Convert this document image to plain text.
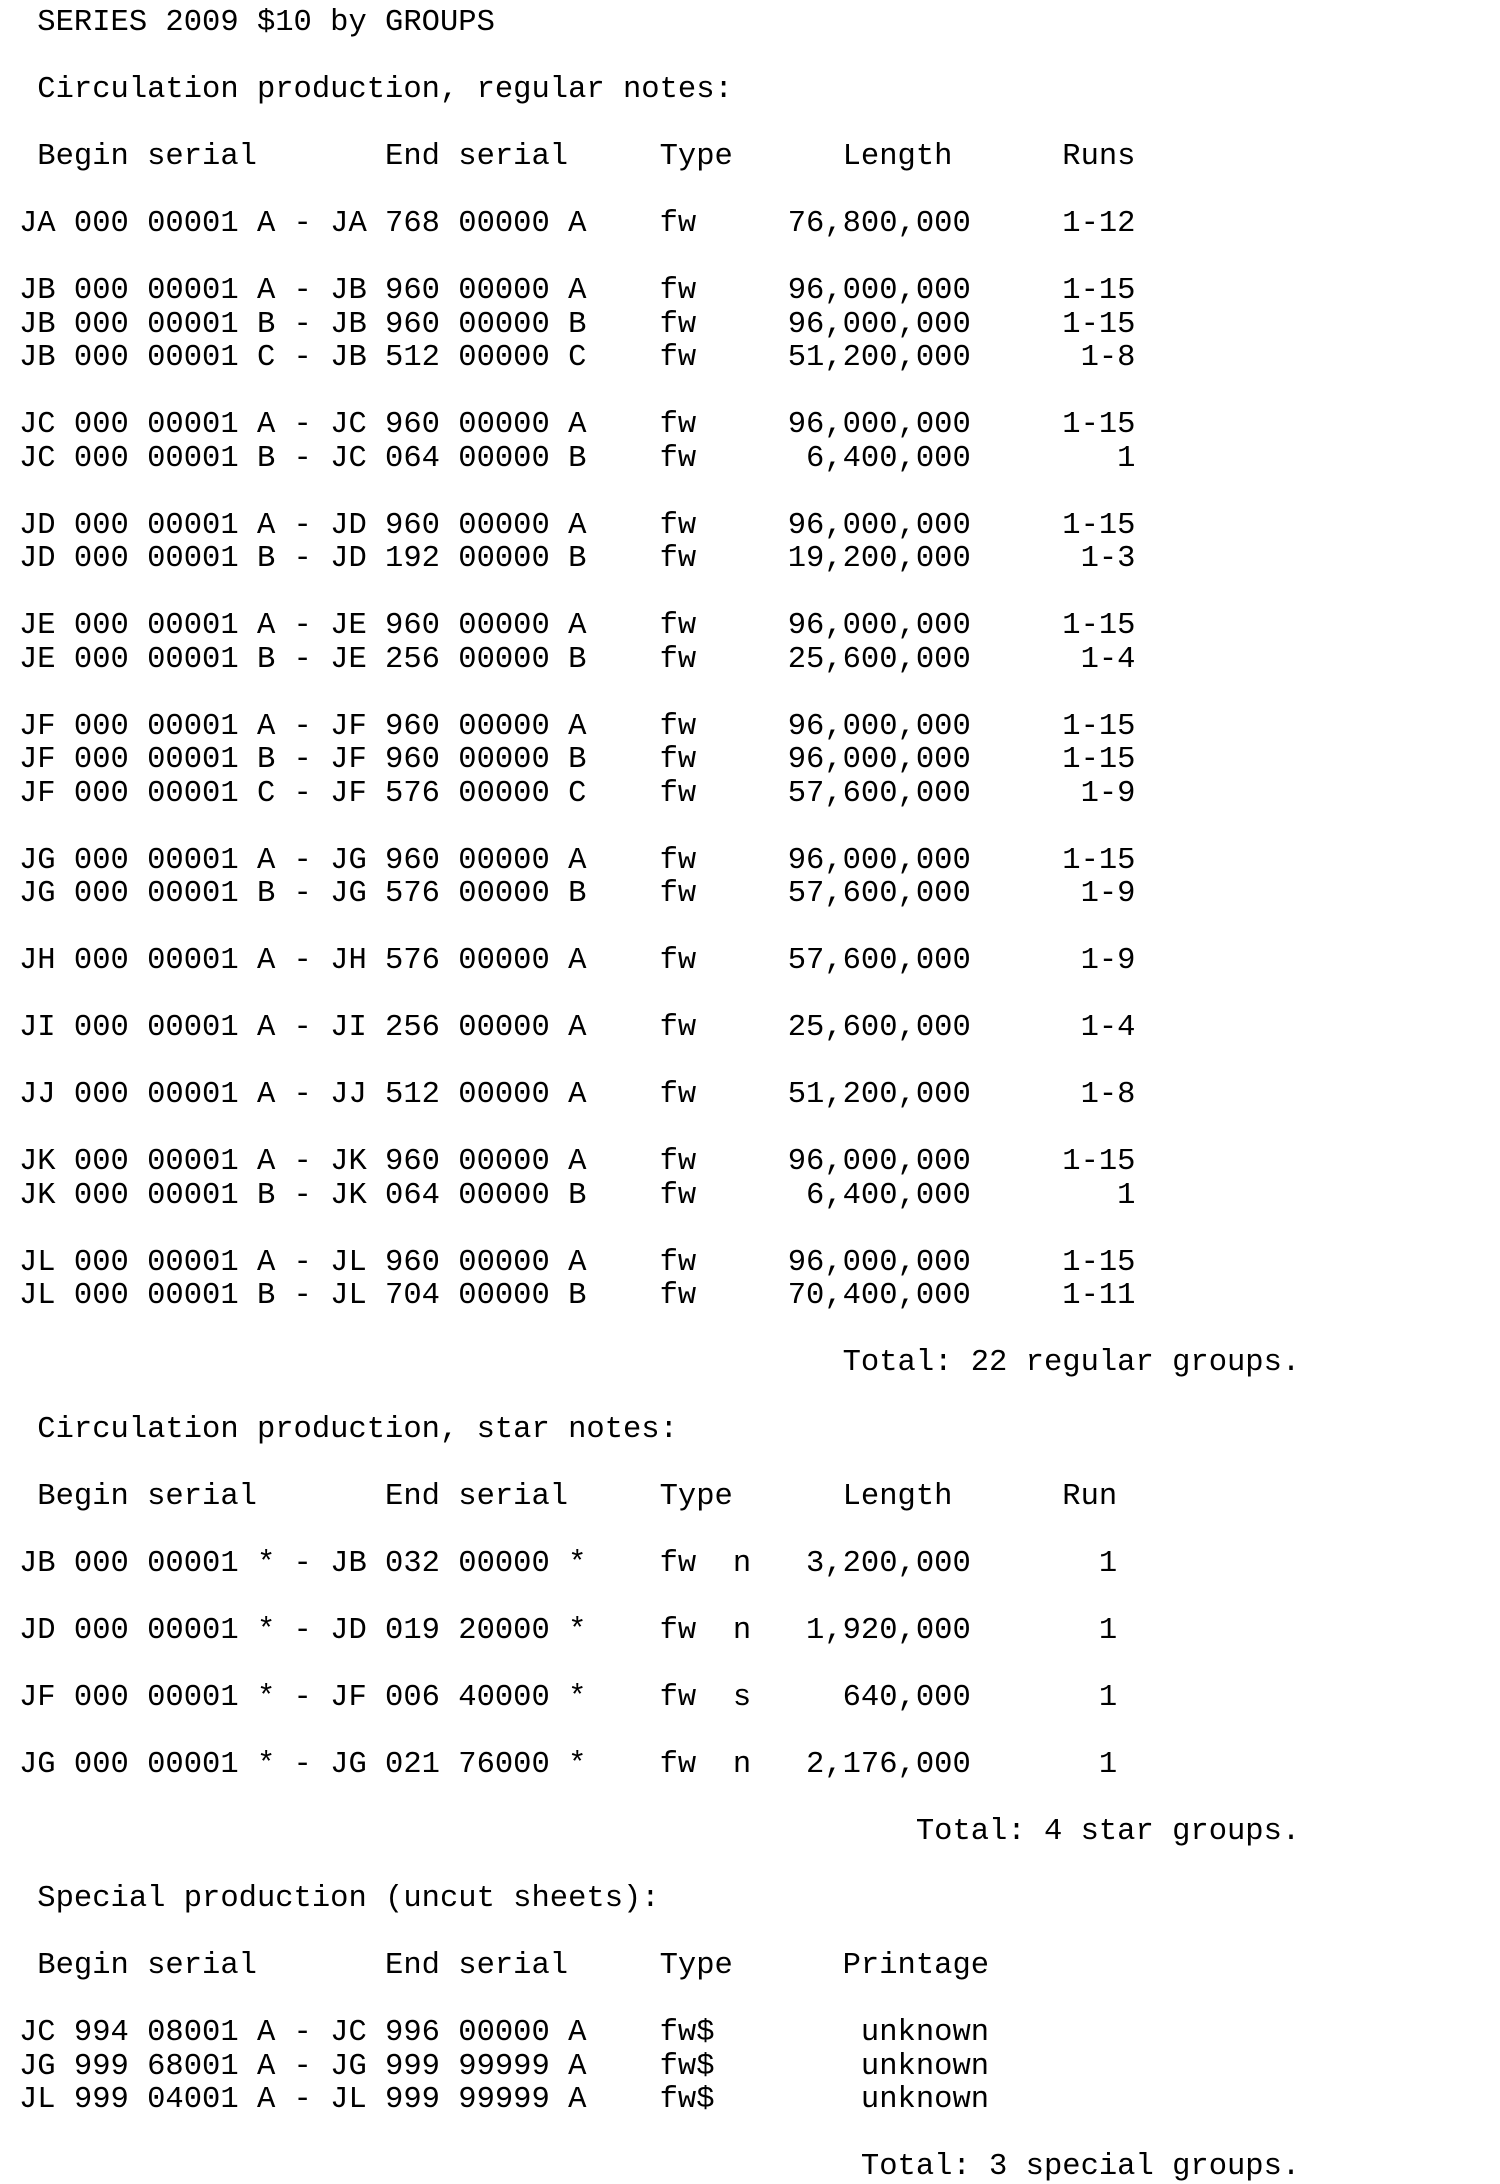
SERIES 2009 $10 by GROUPS
Circulation production, regular notes:
Begin serial       End serial     Type      Length      Runs
JA 000 00001 A - JA 768 00000 A    fw     76,800,000     1-12
JB 000 00001 A - JB 960 00000 A    fw     96,000,000     1-15
JB 000 00001 B - JB 960 00000 B    fw     96,000,000     1-15
JB 000 00001 C - JB 512 00000 C    fw     51,200,000      1-8
JC 000 00001 A - JC 960 00000 A    fw     96,000,000     1-15
JC 000 00001 B - JC 064 00000 B    fw      6,400,000        1
JD 000 00001 A - JD 960 00000 A    fw     96,000,000     1-15
JD 000 00001 B - JD 192 00000 B    fw     19,200,000      1-3
JE 000 00001 A - JE 960 00000 A    fw     96,000,000     1-15
JE 000 00001 B - JE 256 00000 B    fw     25,600,000      1-4
JF 000 00001 A - JF 960 00000 A    fw     96,000,000     1-15
JF 000 00001 B - JF 960 00000 B    fw     96,000,000     1-15
JF 000 00001 C - JF 576 00000 C    fw     57,600,000      1-9
JG 000 00001 A - JG 960 00000 A    fw     96,000,000     1-15
JG 000 00001 B - JG 576 00000 B    fw     57,600,000      1-9
JH 000 00001 A - JH 576 00000 A    fw     57,600,000      1-9
JI 000 00001 A - JI 256 00000 A    fw     25,600,000      1-4
JJ 000 00001 A - JJ 512 00000 A    fw     51,200,000      1-8
JK 000 00001 A - JK 960 00000 A    fw     96,000,000     1-15
JK 000 00001 B - JK 064 00000 B    fw      6,400,000        1
JL 000 00001 A - JL 960 00000 A    fw     96,000,000     1-15
JL 000 00001 B - JL 704 00000 B    fw     70,400,000     1-11
Total: 22 regular groups.
Circulation production, star notes:
Begin serial       End serial     Type      Length      Run
JB 000 00001 * - JB 032 00000 *    fw  n   3,200,000       1
JD 000 00001 * - JD 019 20000 *    fw  n   1,920,000       1
JF 000 00001 * - JF 006 40000 *    fw  s     640,000       1
JG 000 00001 * - JG 021 76000 *    fw  n   2,176,000       1
Total: 4 star groups.
Special production (uncut sheets):
Begin serial       End serial     Type      Printage
JC 994 08001 A - JC 996 00000 A    fw$        unknown
JG 999 68001 A - JG 999 99999 A    fw$        unknown
JL 999 04001 A - JL 999 99999 A    fw$        unknown
Total: 3 special groups.
